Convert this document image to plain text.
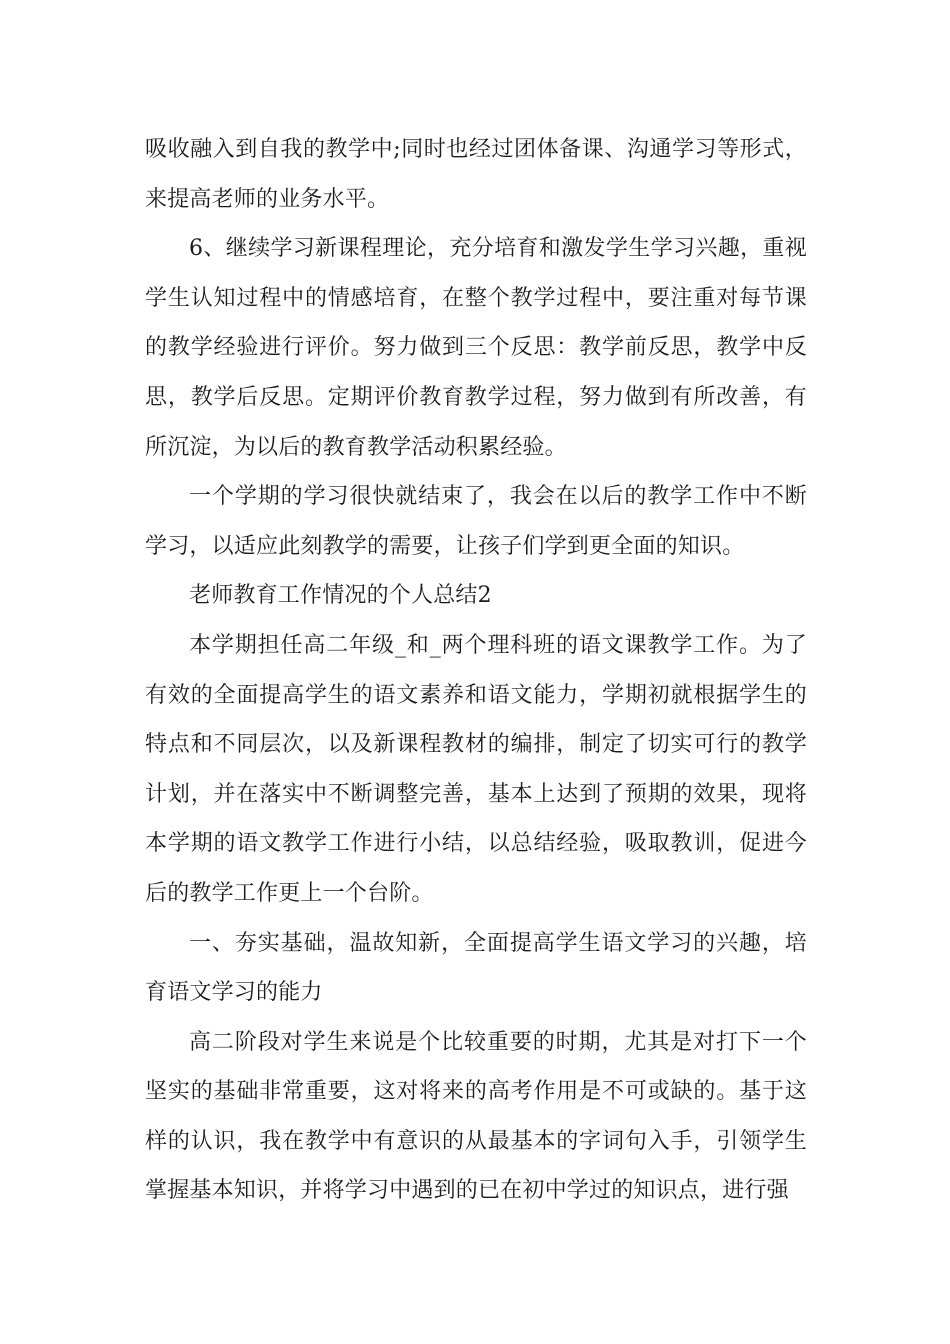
吸收融入到自我的教学中;同时也经过团体备课、沟通学习等形式，来提高老师的业务水平。

6、继续学习新课程理论，充分培育和激发学生学习兴趣，重视学生认知过程中的情感培育，在整个教学过程中，要注重对每节课的教学经验进行评价。努力做到三个反思：教学前反思，教学中反思，教学后反思。定期评价教育教学过程，努力做到有所改善，有所沉淀，为以后的教育教学活动积累经验。

一个学期的学习很快就结束了，我会在以后的教学工作中不断学习，以适应此刻教学的需要，让孩子们学到更全面的知识。

老师教育工作情况的个人总结2

本学期担任高二年级_和_两个理科班的语文课教学工作。为了有效的全面提高学生的语文素养和语文能力，学期初就根据学生的特点和不同层次，以及新课程教材的编排，制定了切实可行的教学计划，并在落实中不断调整完善，基本上达到了预期的效果，现将本学期的语文教学工作进行小结，以总结经验，吸取教训，促进今后的教学工作更上一个台阶。

一、夯实基础，温故知新，全面提高学生语文学习的兴趣，培育语文学习的能力

高二阶段对学生来说是个比较重要的时期，尤其是对打下一个坚实的基础非常重要，这对将来的高考作用是不可或缺的。基于这样的认识，我在教学中有意识的从最基本的字词句入手，引领学生掌握基本知识，并将学习中遇到的已在初中学过的知识点，进行强
